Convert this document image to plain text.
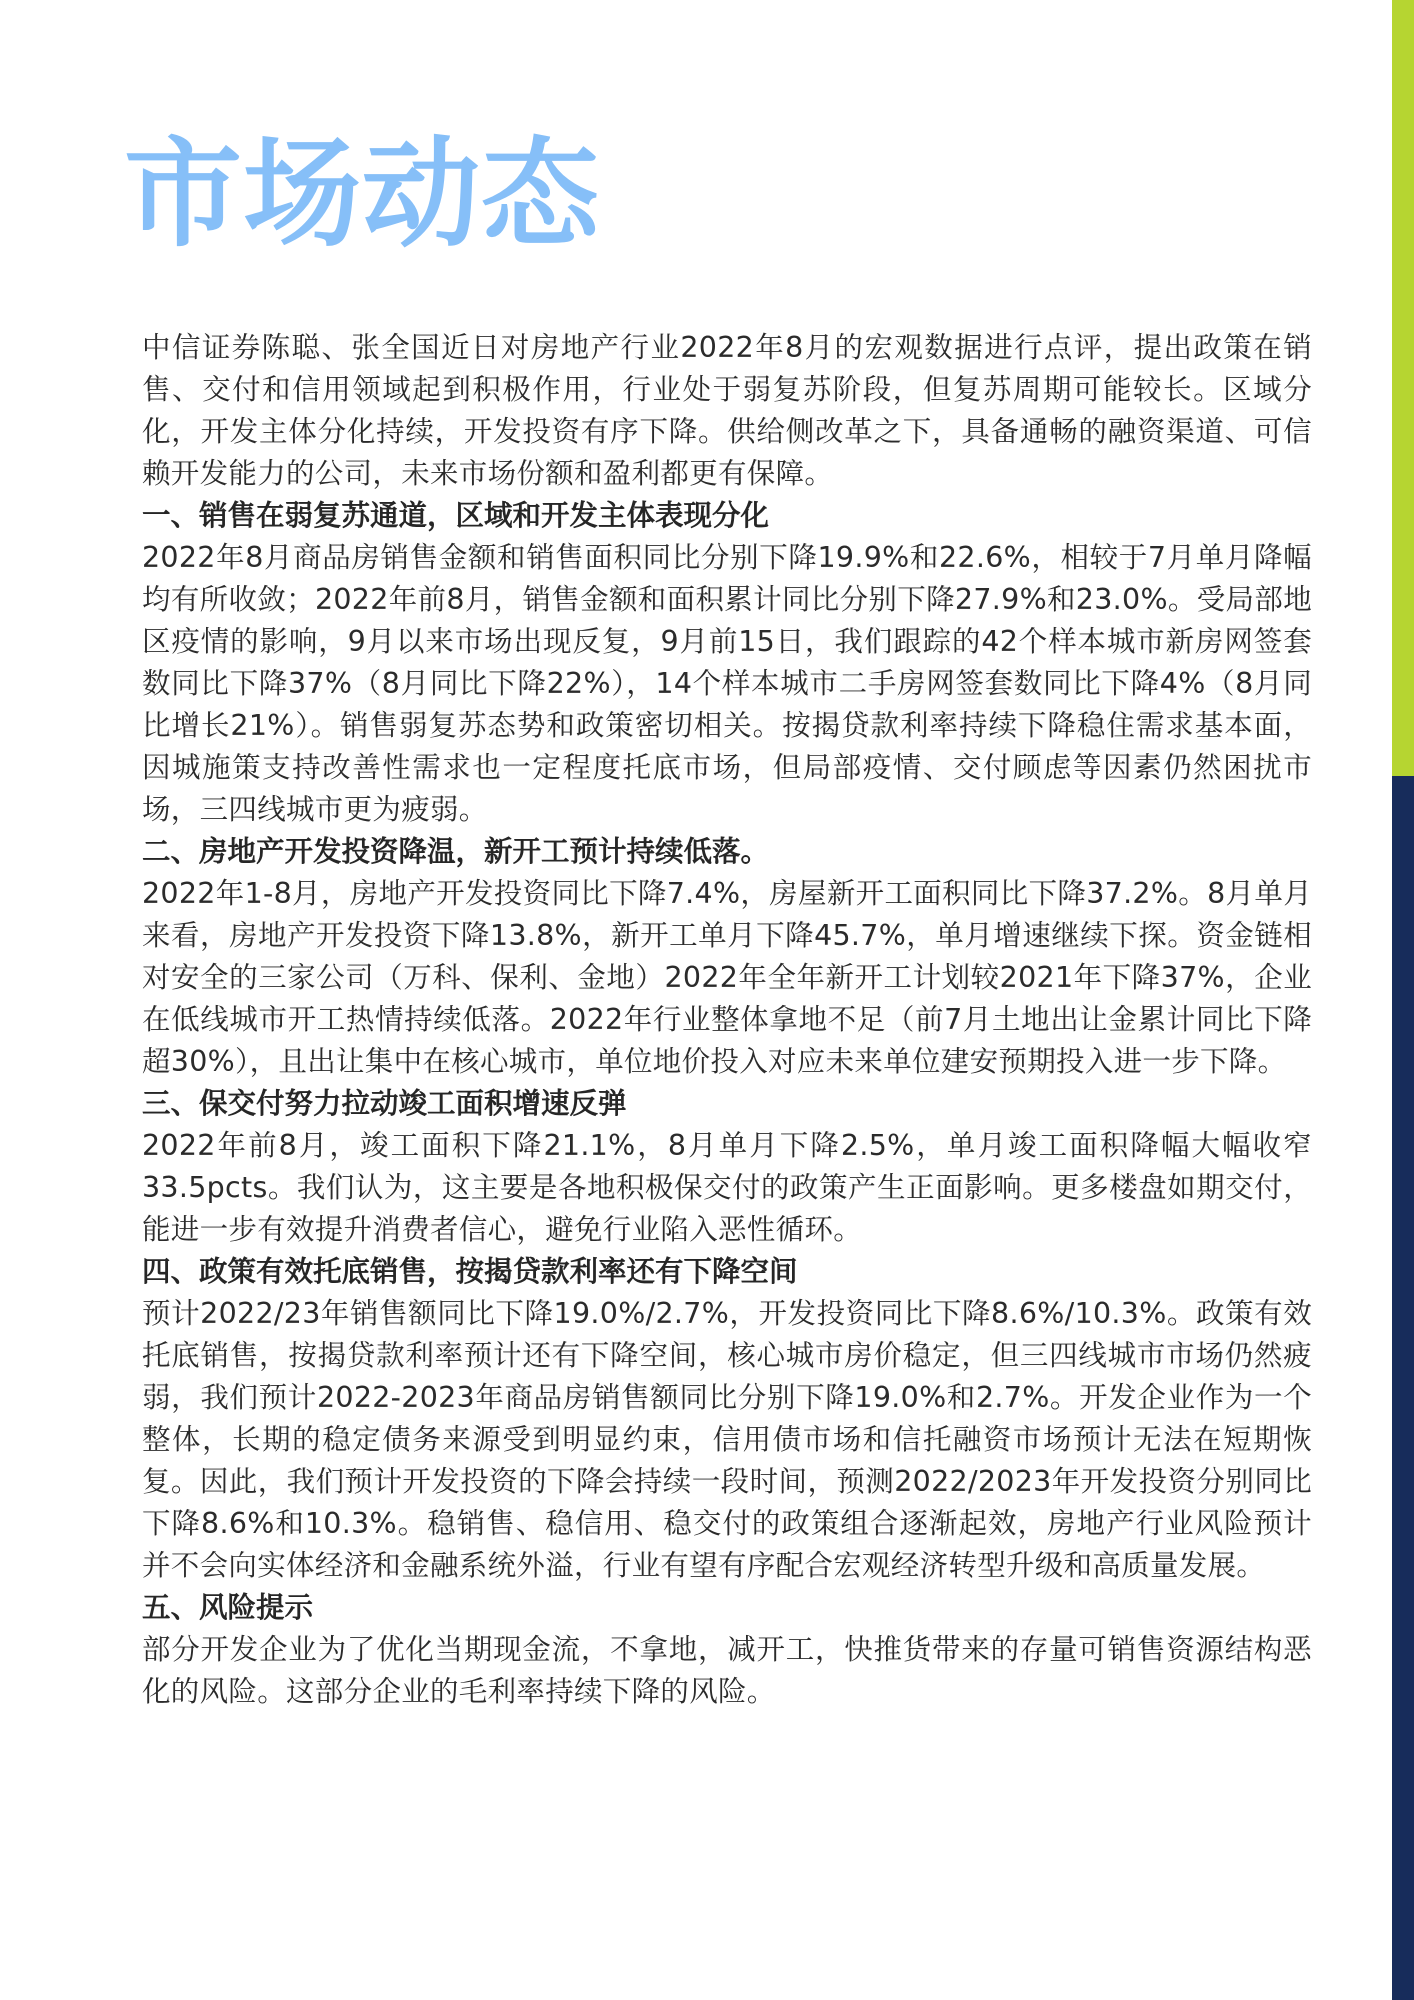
市场动态

中信证券陈聪、张全国近日对房地产行业2022年8月的宏观数据进行点评，提出政策在销售、交付和信用领域起到积极作用，行业处于弱复苏阶段，但复苏周期可能较长。区域分化，开发主体分化持续，开发投资有序下降。供给侧改革之下，具备通畅的融资渠道、可信赖开发能力的公司，未来市场份额和盈利都更有保障。

一、销售在弱复苏通道，区域和开发主体表现分化

2022年8月商品房销售金额和销售面积同比分别下降19.9%和22.6%，相较于7月单月降幅均有所收敛；2022年前8月，销售金额和面积累计同比分别下降27.9%和23.0%。受局部地区疫情的影响，9月以来市场出现反复，9月前15日，我们跟踪的42个样本城市新房网签套数同比下降37%（8月同比下降22%），14个样本城市二手房网签套数同比下降4%（8月同比增长21%）。销售弱复苏态势和政策密切相关。按揭贷款利率持续下降稳住需求基本面，因城施策支持改善性需求也一定程度托底市场，但局部疫情、交付顾虑等因素仍然困扰市场，三四线城市更为疲弱。

二、房地产开发投资降温，新开工预计持续低落。

2022年1-8月，房地产开发投资同比下降7.4%，房屋新开工面积同比下降37.2%。8月单月来看，房地产开发投资下降13.8%，新开工单月下降45.7%，单月增速继续下探。资金链相对安全的三家公司（万科、保利、金地）2022年全年新开工计划较2021年下降37%，企业在低线城市开工热情持续低落。2022年行业整体拿地不足（前7月土地出让金累计同比下降超30%），且出让集中在核心城市，单位地价投入对应未来单位建安预期投入进一步下降。

三、保交付努力拉动竣工面积增速反弹

2022年前8月，竣工面积下降21.1%，8月单月下降2.5%，单月竣工面积降幅大幅收窄33.5pcts。我们认为，这主要是各地积极保交付的政策产生正面影响。更多楼盘如期交付，能进一步有效提升消费者信心，避免行业陷入恶性循环。

四、政策有效托底销售，按揭贷款利率还有下降空间

预计2022/23年销售额同比下降19.0%/2.7%，开发投资同比下降8.6%/10.3%。政策有效托底销售，按揭贷款利率预计还有下降空间，核心城市房价稳定，但三四线城市市场仍然疲弱，我们预计2022-2023年商品房销售额同比分别下降19.0%和2.7%。开发企业作为一个整体，长期的稳定债务来源受到明显约束，信用债市场和信托融资市场预计无法在短期恢复。因此，我们预计开发投资的下降会持续一段时间，预测2022/2023年开发投资分别同比下降8.6%和10.3%。稳销售、稳信用、稳交付的政策组合逐渐起效，房地产行业风险预计并不会向实体经济和金融系统外溢，行业有望有序配合宏观经济转型升级和高质量发展。

五、风险提示

部分开发企业为了优化当期现金流，不拿地，减开工，快推货带来的存量可销售资源结构恶化的风险。这部分企业的毛利率持续下降的风险。
